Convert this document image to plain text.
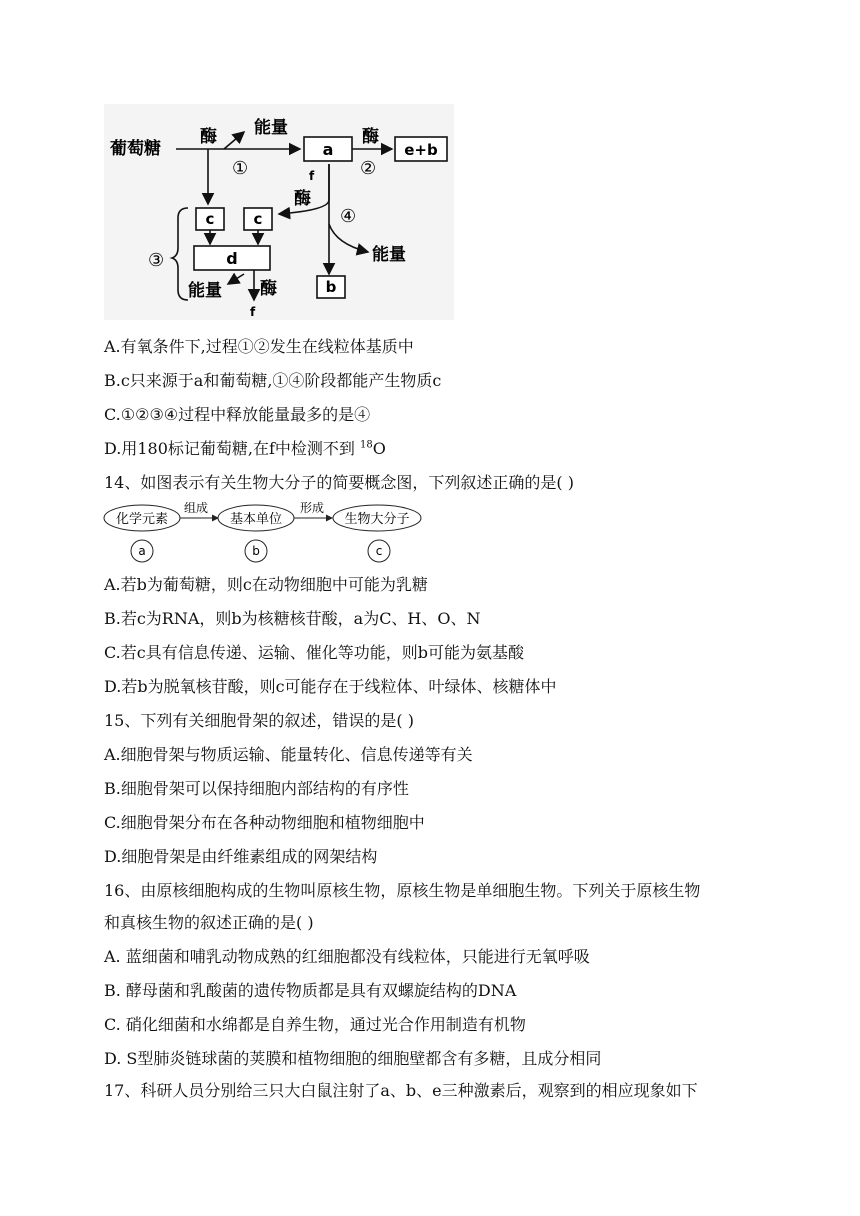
葡萄糖
酶 能量
①
a
酶
②
e+b
f
酶
④
能量
c	c
d
③
能量 酶
f
b
A.有氧条件下,过程①②发生在线粒体基质中
B.c只来源于a和葡萄糖,①④阶段都能产生物质c
C.①②③④过程中释放能量最多的是④
D.用180标记葡萄糖,在f中检测不到 $^{18}$O
14、如图表示有关生物大分子的简要概念图，下列叙述正确的是( )
化学元素
组成
基本单位
形成
生物大分子
a	b	c
A.若b为葡萄糖，则c在动物细胞中可能为乳糖
B.若c为RNA，则b为核糖核苷酸，a为C、H、O、N
C.若c具有信息传递、运输、催化等功能，则b可能为氨基酸
D.若b为脱氧核苷酸，则c可能存在于线粒体、叶绿体、核糖体中
15、下列有关细胞骨架的叙述，错误的是( )
A.细胞骨架与物质运输、能量转化、信息传递等有关
B.细胞骨架可以保持细胞内部结构的有序性
C.细胞骨架分布在各种动物细胞和植物细胞中
D.细胞骨架是由纤维素组成的网架结构
16、由原核细胞构成的生物叫原核生物，原核生物是单细胞生物。下列关于原核生物
和真核生物的叙述正确的是( )
A. 蓝细菌和哺乳动物成熟的红细胞都没有线粒体，只能进行无氧呼吸
B. 酵母菌和乳酸菌的遗传物质都是具有双螺旋结构的DNA
C. 硝化细菌和水绵都是自养生物，通过光合作用制造有机物
D. S型肺炎链球菌的荚膜和植物细胞的细胞壁都含有多糖，且成分相同
17、科研人员分别给三只大白鼠注射了a、b、e三种激素后，观察到的相应现象如下
